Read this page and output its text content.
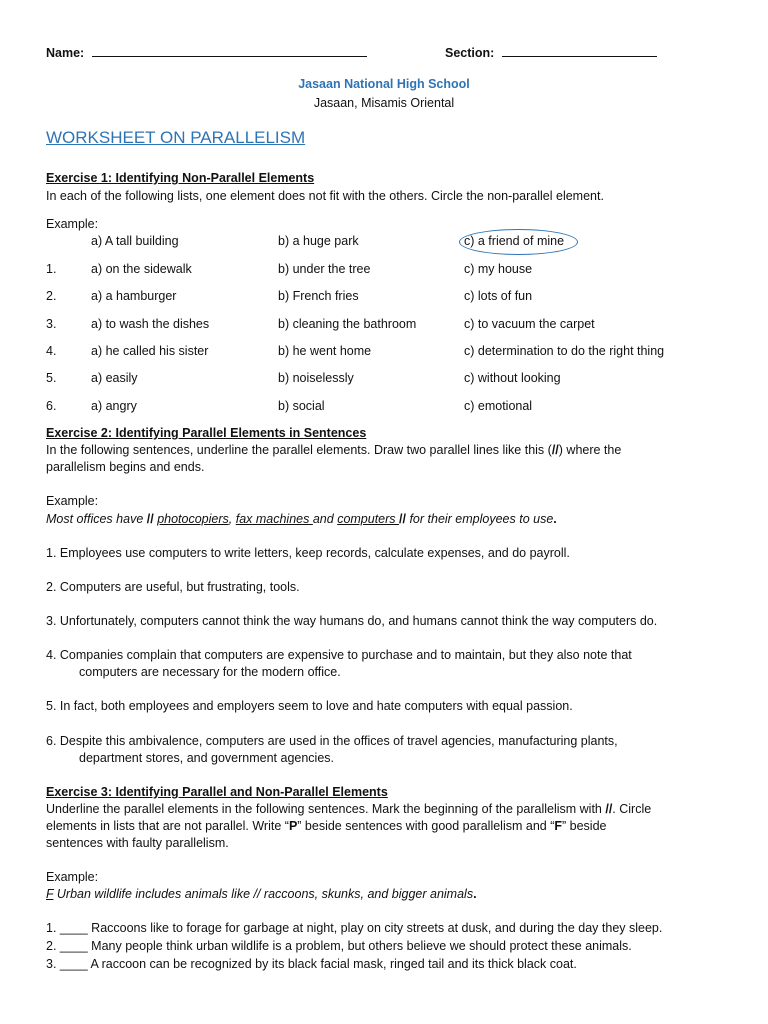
Name:	Section:
Jasaan National High School
Jasaan, Misamis Oriental
WORKSHEET ON PARALLELISM
Exercise 1: Identifying Non-Parallel Elements
In each of the following lists, one element does not fit with the others. Circle the non-parallel element.
Example:
a) A tall building	b) a huge park	c) a friend of mine
1.	a) on the sidewalk	b) under the tree	c) my house
2.	a) a hamburger	b) French fries	c) lots of fun
3.	a) to wash the dishes	b) cleaning the bathroom	c) to vacuum the carpet
4.	a) he called his sister	b) he went home	c) determination to do the right thing
5.	a) easily	b) noiselessly	c) without looking
6.	a) angry	b) social	c) emotional
Exercise 2: Identifying Parallel Elements in Sentences
In the following sentences, underline the parallel elements. Draw two parallel lines like this (//) where the
parallelism begins and ends.
Example:
Most offices have // photocopiers, fax machines and computers // for their employees to use.
1. Employees use computers to write letters, keep records, calculate expenses, and do payroll.
2. Computers are useful, but frustrating, tools.
3. Unfortunately, computers cannot think the way humans do, and humans cannot think the way computers do.
4. Companies complain that computers are expensive to purchase and to maintain, but they also note that
computers are necessary for the modern office.
5. In fact, both employees and employers seem to love and hate computers with equal passion.
6. Despite this ambivalence, computers are used in the offices of travel agencies, manufacturing plants,
department stores, and government agencies.
Exercise 3: Identifying Parallel and Non-Parallel Elements
Underline the parallel elements in the following sentences. Mark the beginning of the parallelism with //. Circle
elements in lists that are not parallel. Write “P” beside sentences with good parallelism and “F” beside
sentences with faulty parallelism.
Example:
F Urban wildlife includes animals like // raccoons, skunks, and bigger animals.
1. ____ Raccoons like to forage for garbage at night, play on city streets at dusk, and during the day they sleep.
2. ____ Many people think urban wildlife is a problem, but others believe we should protect these animals.
3. ____ A raccoon can be recognized by its black facial mask, ringed tail and its thick black coat.
